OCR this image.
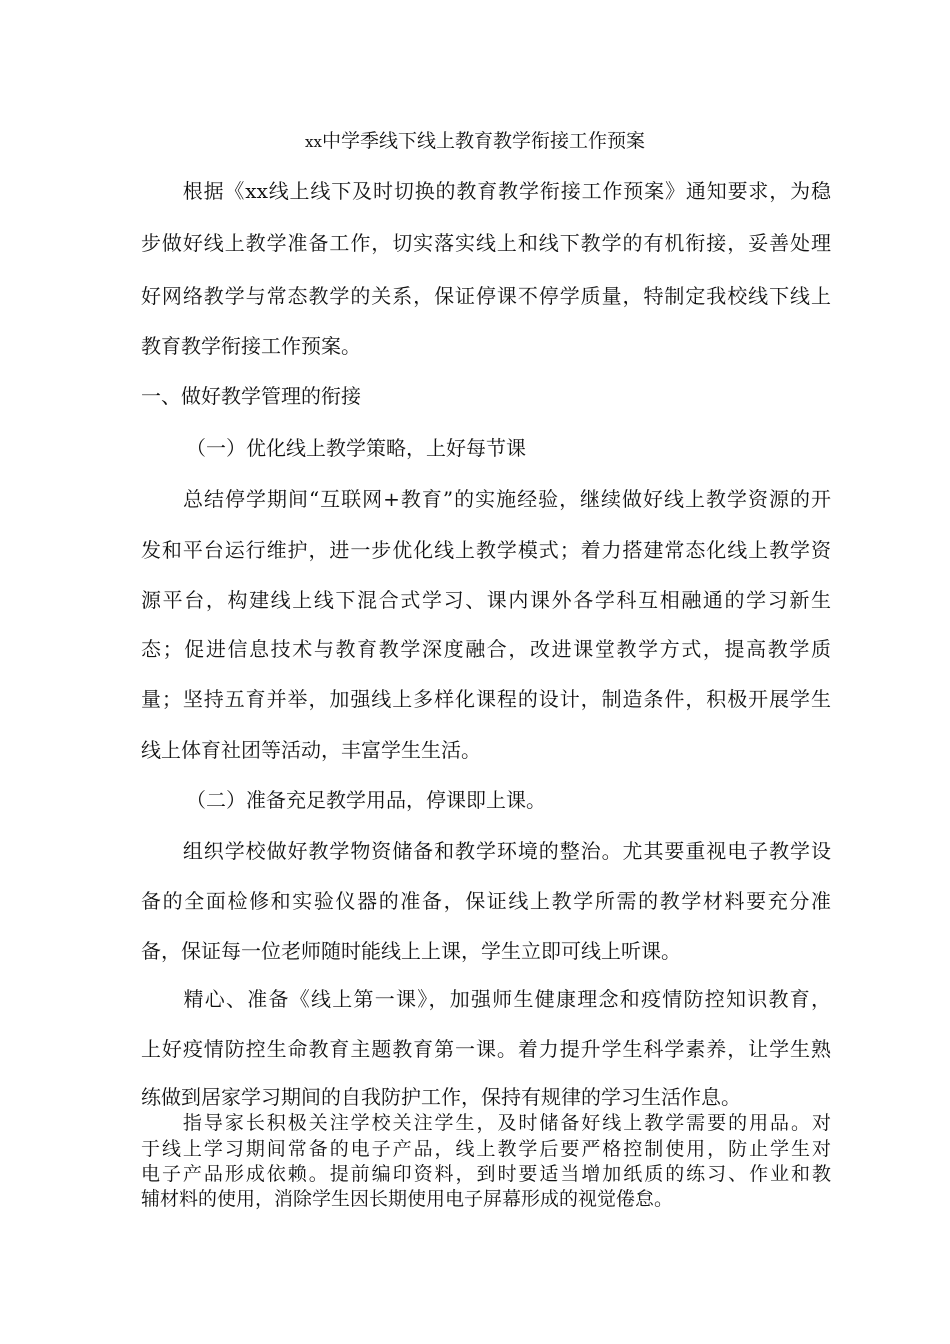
xx中学季线下线上教育教学衔接工作预案
　　根据《xx线上线下及时切换的教育教学衔接工作预案》通知要求，为稳
步做好线上教学准备工作，切实落实线上和线下教学的有机衔接，妥善处理
好网络教学与常态教学的关系，保证停课不停学质量，特制定我校线下线上
教育教学衔接工作预案。
一、做好教学管理的衔接
（一）优化线上教学策略，上好每节课
　　总结停学期间“互联网+教育”的实施经验，继续做好线上教学资源的开
发和平台运行维护，进一步优化线上教学模式；着力搭建常态化线上教学资
源平台，构建线上线下混合式学习、课内课外各学科互相融通的学习新生
态；促进信息技术与教育教学深度融合，改进课堂教学方式，提高教学质
量；坚持五育并举，加强线上多样化课程的设计，制造条件，积极开展学生
线上体育社团等活动，丰富学生生活。
（二）准备充足教学用品，停课即上课。
　　组织学校做好教学物资储备和教学环境的整治。尤其要重视电子教学设
备的全面检修和实验仪器的准备，保证线上教学所需的教学材料要充分准
备，保证每一位老师随时能线上上课，学生立即可线上听课。
　　精心、准备《线上第一课》，加强师生健康理念和疫情防控知识教育，
上好疫情防控生命教育主题教育第一课。着力提升学生科学素养，让学生熟
练做到居家学习期间的自我防护工作，保持有规律的学习生活作息。
　　指导家长积极关注学校关注学生，及时储备好线上教学需要的用品。对
于线上学习期间常备的电子产品，线上教学后要严格控制使用，防止学生对
电子产品形成依赖。提前编印资料，到时要适当增加纸质的练习、作业和教
辅材料的使用，消除学生因长期使用电子屏幕形成的视觉倦怠。
